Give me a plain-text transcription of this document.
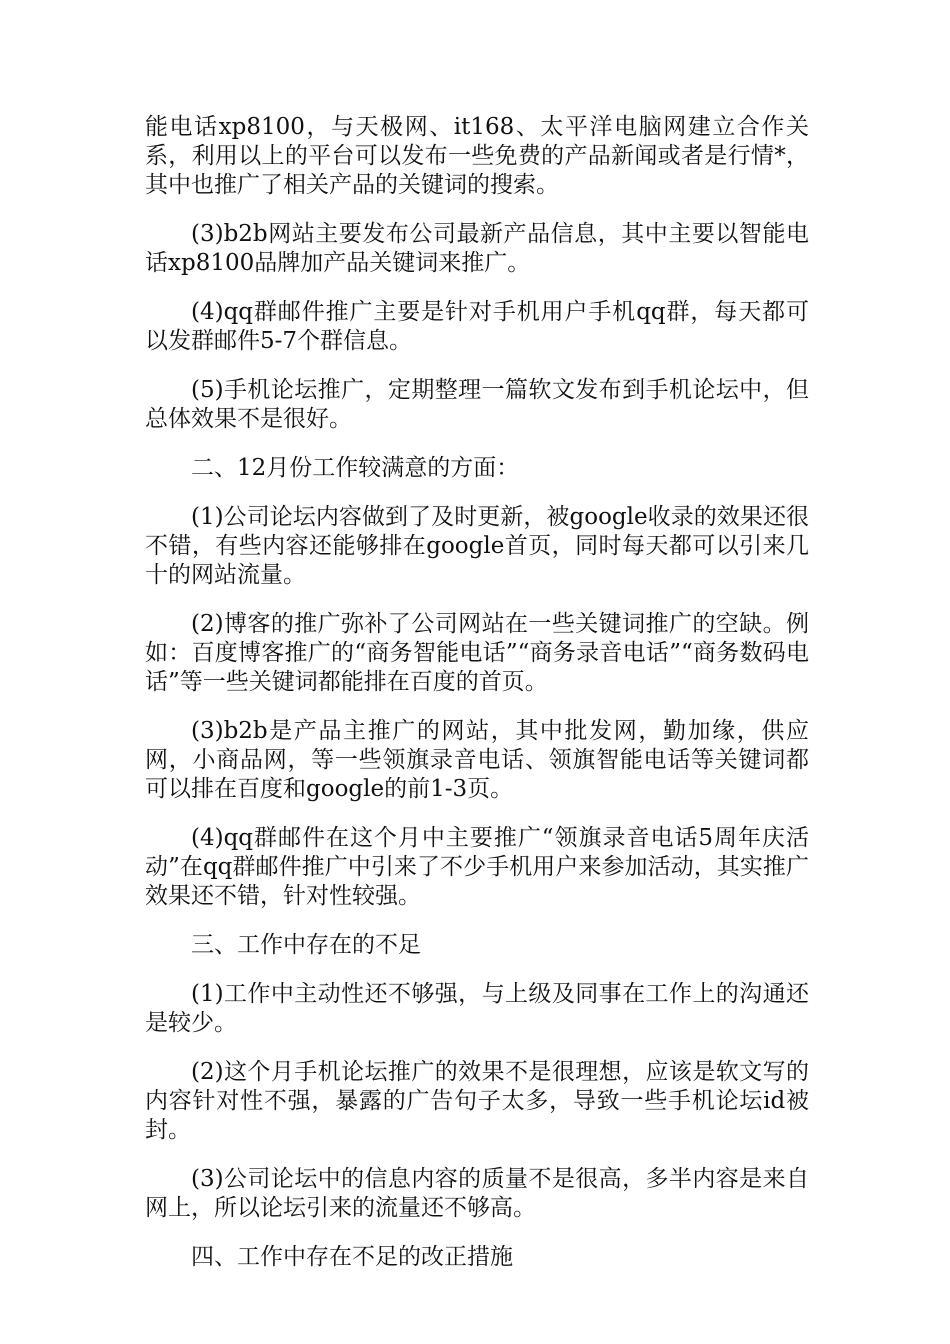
能电话xp8100，与天极网、it168、太平洋电脑网建立合作关系，利用以上的平台可以发布一些免费的产品新闻或者是行情*，其中也推广了相关产品的关键词的搜索。

(3)b2b网站主要发布公司最新产品信息，其中主要以智能电话xp8100品牌加产品关键词来推广。

(4)qq群邮件推广主要是针对手机用户手机qq群，每天都可以发群邮件5-7个群信息。

(5)手机论坛推广，定期整理一篇软文发布到手机论坛中，但总体效果不是很好。

二、12月份工作较满意的方面：

(1)公司论坛内容做到了及时更新，被google收录的效果还很不错，有些内容还能够排在google首页，同时每天都可以引来几十的网站流量。

(2)博客的推广弥补了公司网站在一些关键词推广的空缺。例如：百度博客推广的“商务智能电话”“商务录音电话”“商务数码电话”等一些关键词都能排在百度的首页。

(3)b2b是产品主推广的网站，其中批发网，勤加缘，供应网，小商品网，等一些领旗录音电话、领旗智能电话等关键词都可以排在百度和google的前1-3页。

(4)qq群邮件在这个月中主要推广“领旗录音电话5周年庆活动”在qq群邮件推广中引来了不少手机用户来参加活动，其实推广效果还不错，针对性较强。

三、工作中存在的不足

(1)工作中主动性还不够强，与上级及同事在工作上的沟通还是较少。

(2)这个月手机论坛推广的效果不是很理想，应该是软文写的内容针对性不强，暴露的广告句子太多，导致一些手机论坛id被封。

(3)公司论坛中的信息内容的质量不是很高，多半内容是来自网上，所以论坛引来的流量还不够高。

四、工作中存在不足的改正措施
